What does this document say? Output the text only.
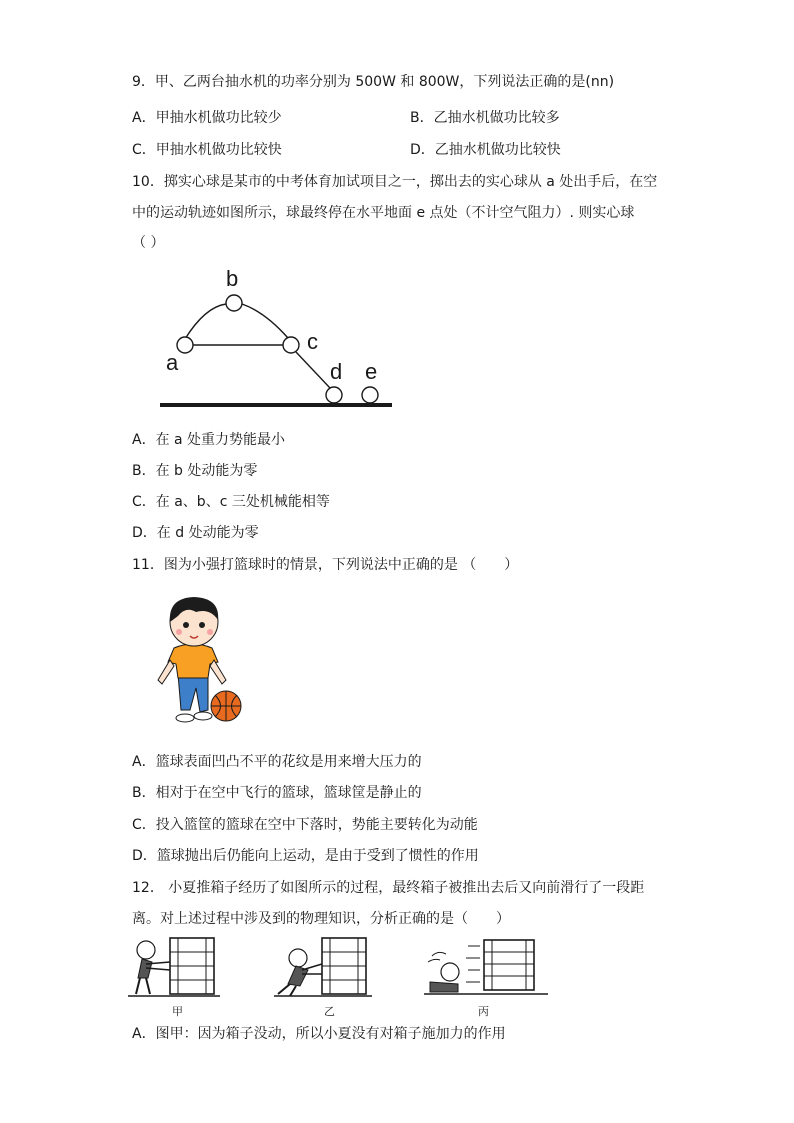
9．甲、乙两台抽水机的功率分别为 500W 和 800W，下列说法正确的是(nn)
A．甲抽水机做功比较少	B．乙抽水机做功比较多
C．甲抽水机做功比较快	D．乙抽水机做功比较快
10．掷实心球是某市的中考体育加试项目之一，掷出去的实心球从 a 处出手后，在空
中的运动轨迹如图所示，球最终停在水平地面 e 点处（不计空气阻力）. 则实心球
（ ）
a
b
c
d e
A．在 a 处重力势能最小
B．在 b 处动能为零
C．在 a、b、c 三处机械能相等
D．在 d 处动能为零
11．图为小强打篮球时的情景，下列说法中正确的是 （　　）
A．篮球表面凹凸不平的花纹是用来增大压力的
B．相对于在空中飞行的篮球，篮球筐是静止的
C．投入篮筐的篮球在空中下落时，势能主要转化为动能
D．篮球抛出后仍能向上运动，是由于受到了惯性的作用
12． 小夏推箱子经历了如图所示的过程，最终箱子被推出去后又向前滑行了一段距
离。对上述过程中涉及到的物理知识，分析正确的是（　　）
甲	乙	丙
A．图甲：因为箱子没动，所以小夏没有对箱子施加力的作用
